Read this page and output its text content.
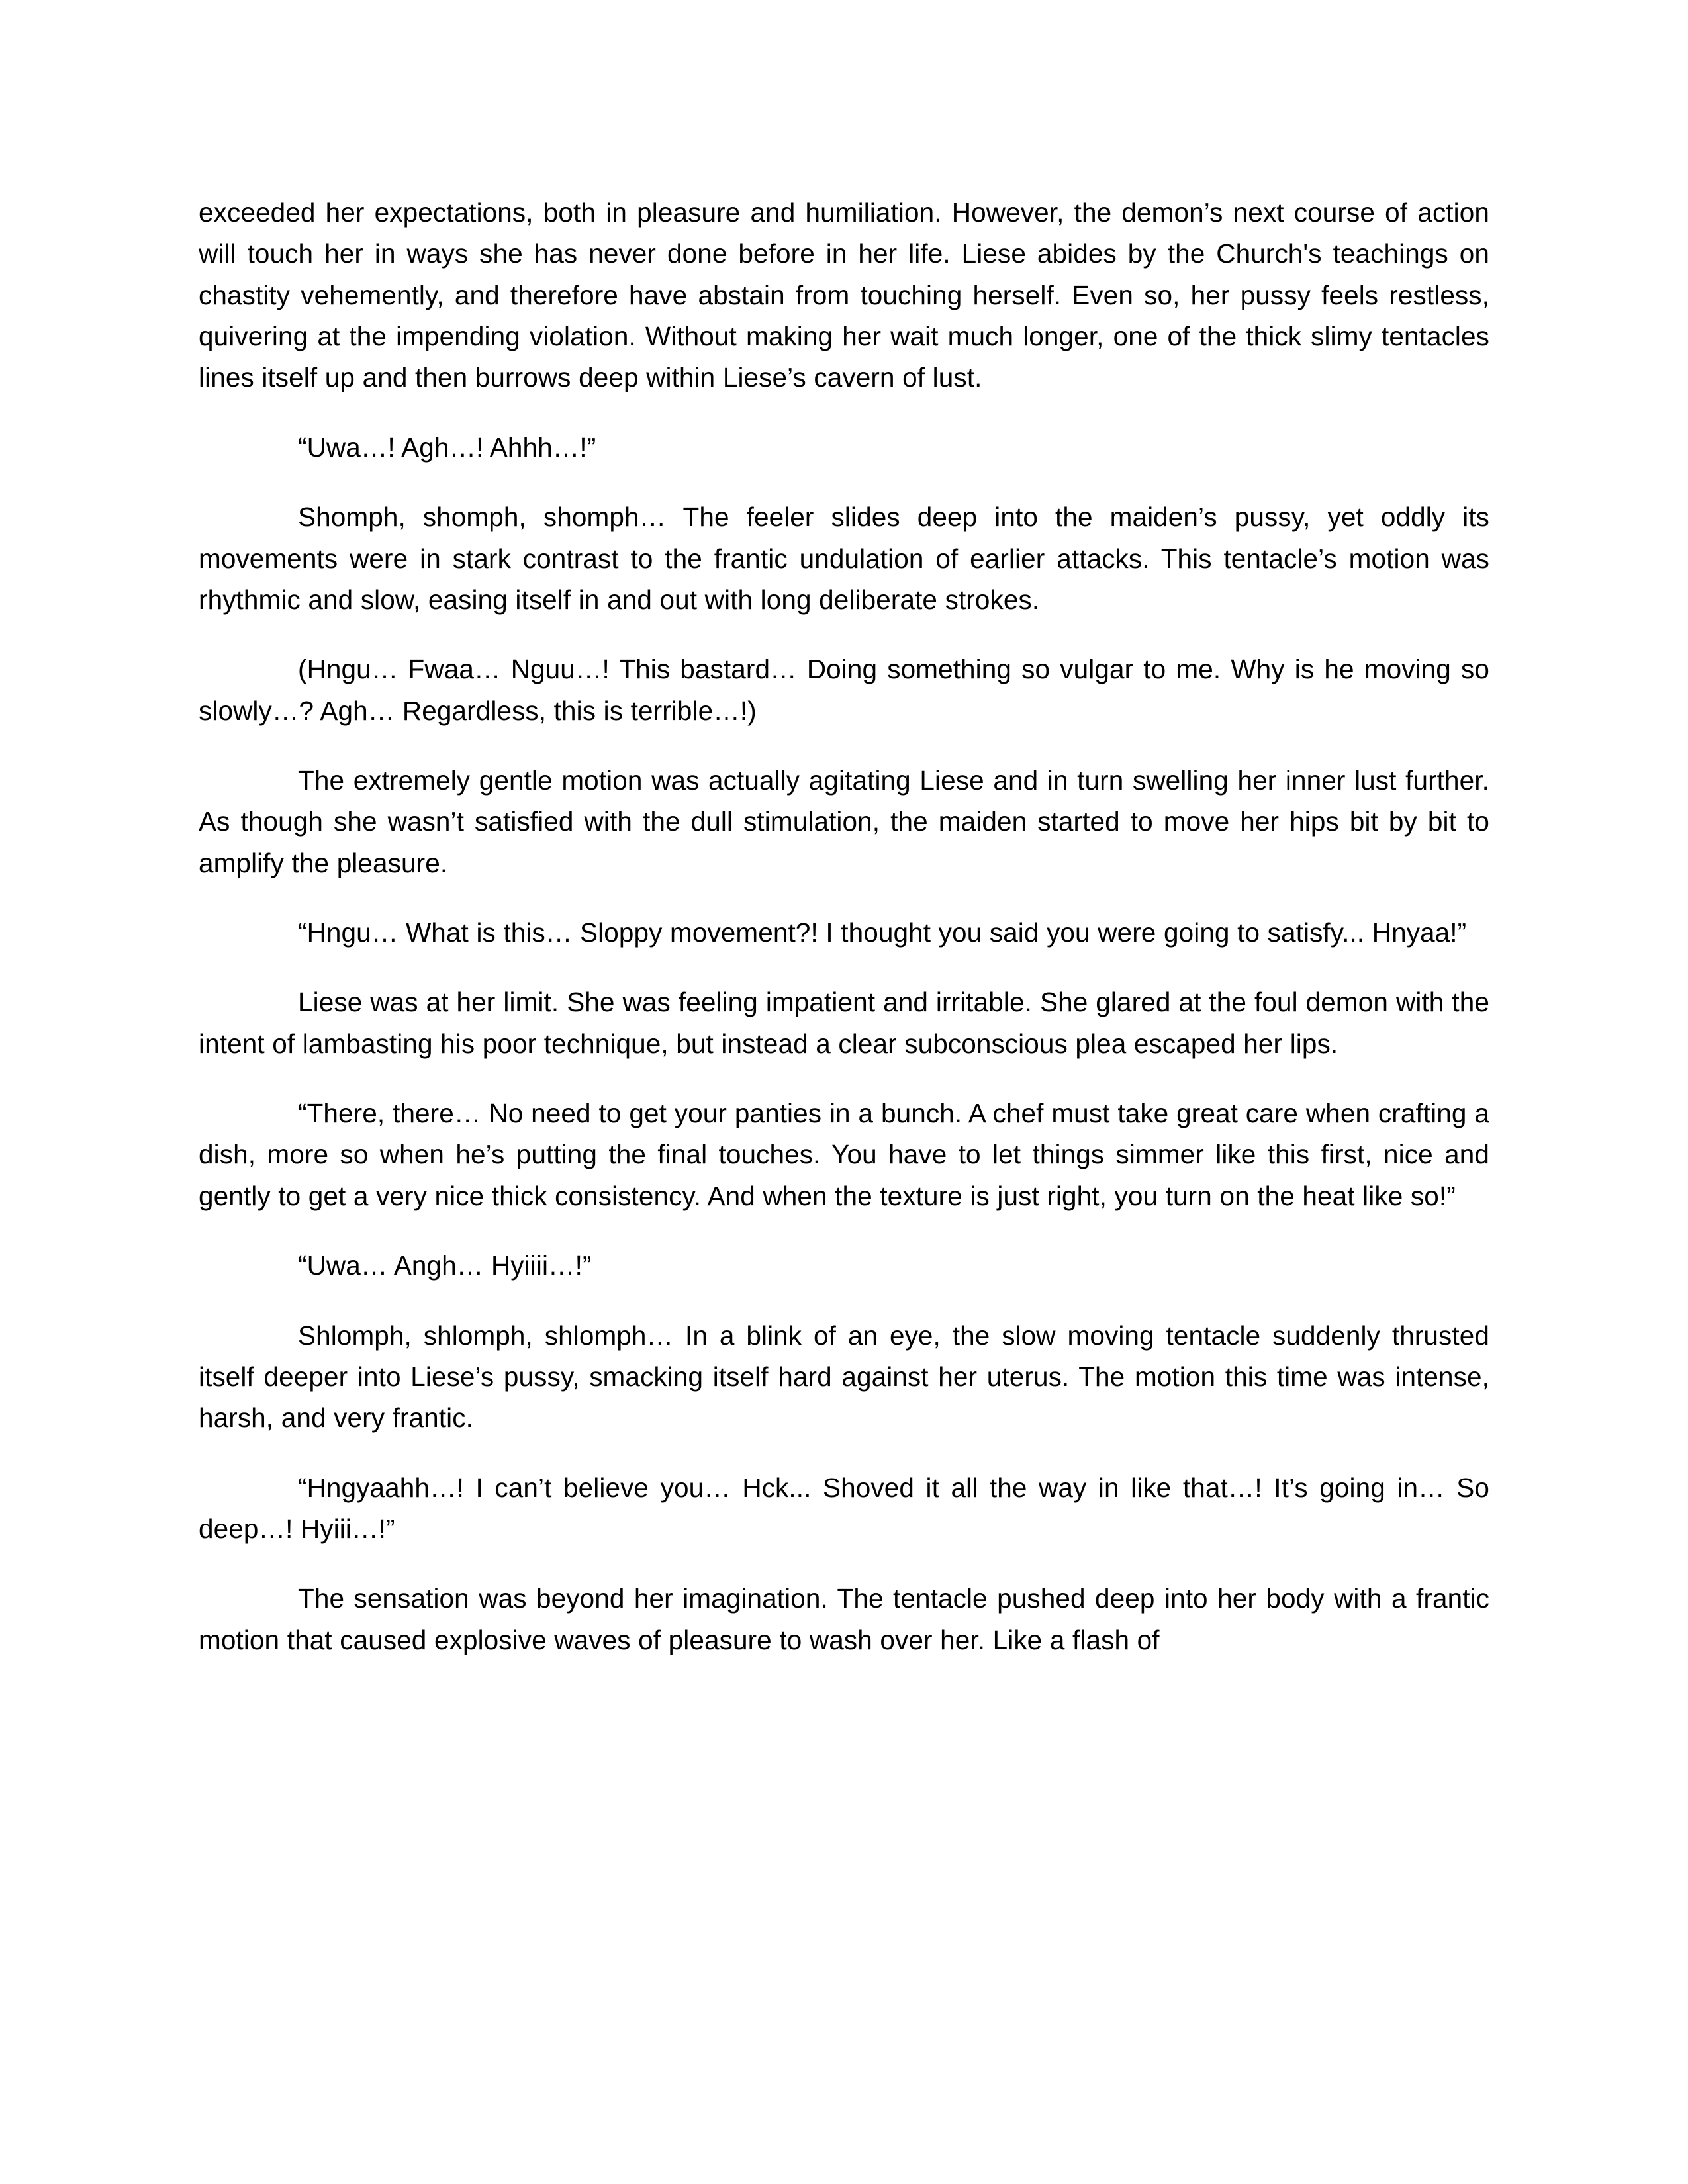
exceeded her expectations, both in pleasure and humiliation. However, the demon’s next course of action will touch her in ways she has never done before in her life. Liese abides by the Church's teachings on chastity vehemently, and therefore have abstain from touching herself. Even so, her pussy feels restless, quivering at the impending violation. Without making her wait much longer, one of the thick slimy tentacles lines itself up and then burrows deep within Liese’s cavern of lust.

“Uwa…! Agh…! Ahhh…!”

Shomph, shomph, shomph… The feeler slides deep into the maiden’s pussy, yet oddly its movements were in stark contrast to the frantic undulation of earlier attacks. This tentacle’s motion was rhythmic and slow, easing itself in and out with long deliberate strokes.

(Hngu… Fwaa… Nguu…! This bastard… Doing something so vulgar to me. Why is he moving so slowly…? Agh… Regardless, this is terrible…!)

The extremely gentle motion was actually agitating Liese and in turn swelling her inner lust further. As though she wasn’t satisfied with the dull stimulation, the maiden started to move her hips bit by bit to amplify the pleasure.

“Hngu… What is this… Sloppy movement?! I thought you said you were going to satisfy... Hnyaa!”

Liese was at her limit. She was feeling impatient and irritable. She glared at the foul demon with the intent of lambasting his poor technique, but instead a clear subconscious plea escaped her lips.

“There, there… No need to get your panties in a bunch. A chef must take great care when crafting a dish, more so when he’s putting the final touches. You have to let things simmer like this first, nice and gently to get a very nice thick consistency. And when the texture is just right, you turn on the heat like so!”

“Uwa… Angh… Hyiiii…!”

Shlomph, shlomph, shlomph… In a blink of an eye, the slow moving tentacle suddenly thrusted itself deeper into Liese’s pussy, smacking itself hard against her uterus. The motion this time was intense, harsh, and very frantic.

“Hngyaahh…! I can’t believe you… Hck... Shoved it all the way in like that…! It’s going in… So deep…! Hyiii…!”

The sensation was beyond her imagination. The tentacle pushed deep into her body with a frantic motion that caused explosive waves of pleasure to wash over her. Like a flash of
